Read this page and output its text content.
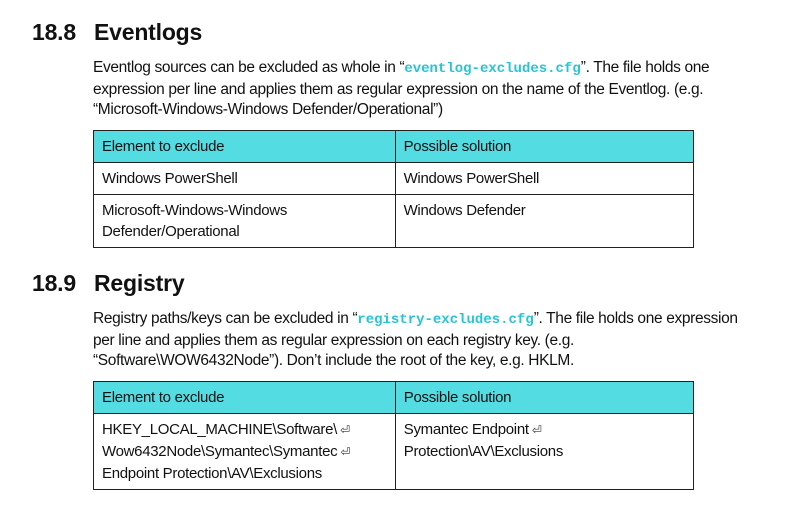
18.8 Eventlogs
Eventlog sources can be excluded as whole in “eventlog-excludes.cfg”. The file holds one expression per line and applies them as regular expression on the name of the Eventlog. (e.g. “Microsoft-Windows-Windows Defender/Operational”)
Element to exclude	Possible solution

Windows PowerShell	Windows PowerShell

Microsoft-Windows-Windows
Defender/Operational	Windows Defender
18.9 Registry
Registry paths/keys can be excluded in “registry-excludes.cfg”. The file holds one expression per line and applies them as regular expression on each registry key. (e.g. “Software\WOW6432Node”). Don’t include the root of the key, e.g. HKLM.
Element to exclude	Possible solution

HKEY_LOCAL_MACHINE\Software\ ⏎
Wow6432Node\Symantec\Symantec ⏎
Endpoint Protection\AV\Exclusions	Symantec Endpoint ⏎
Protection\AV\Exclusions
